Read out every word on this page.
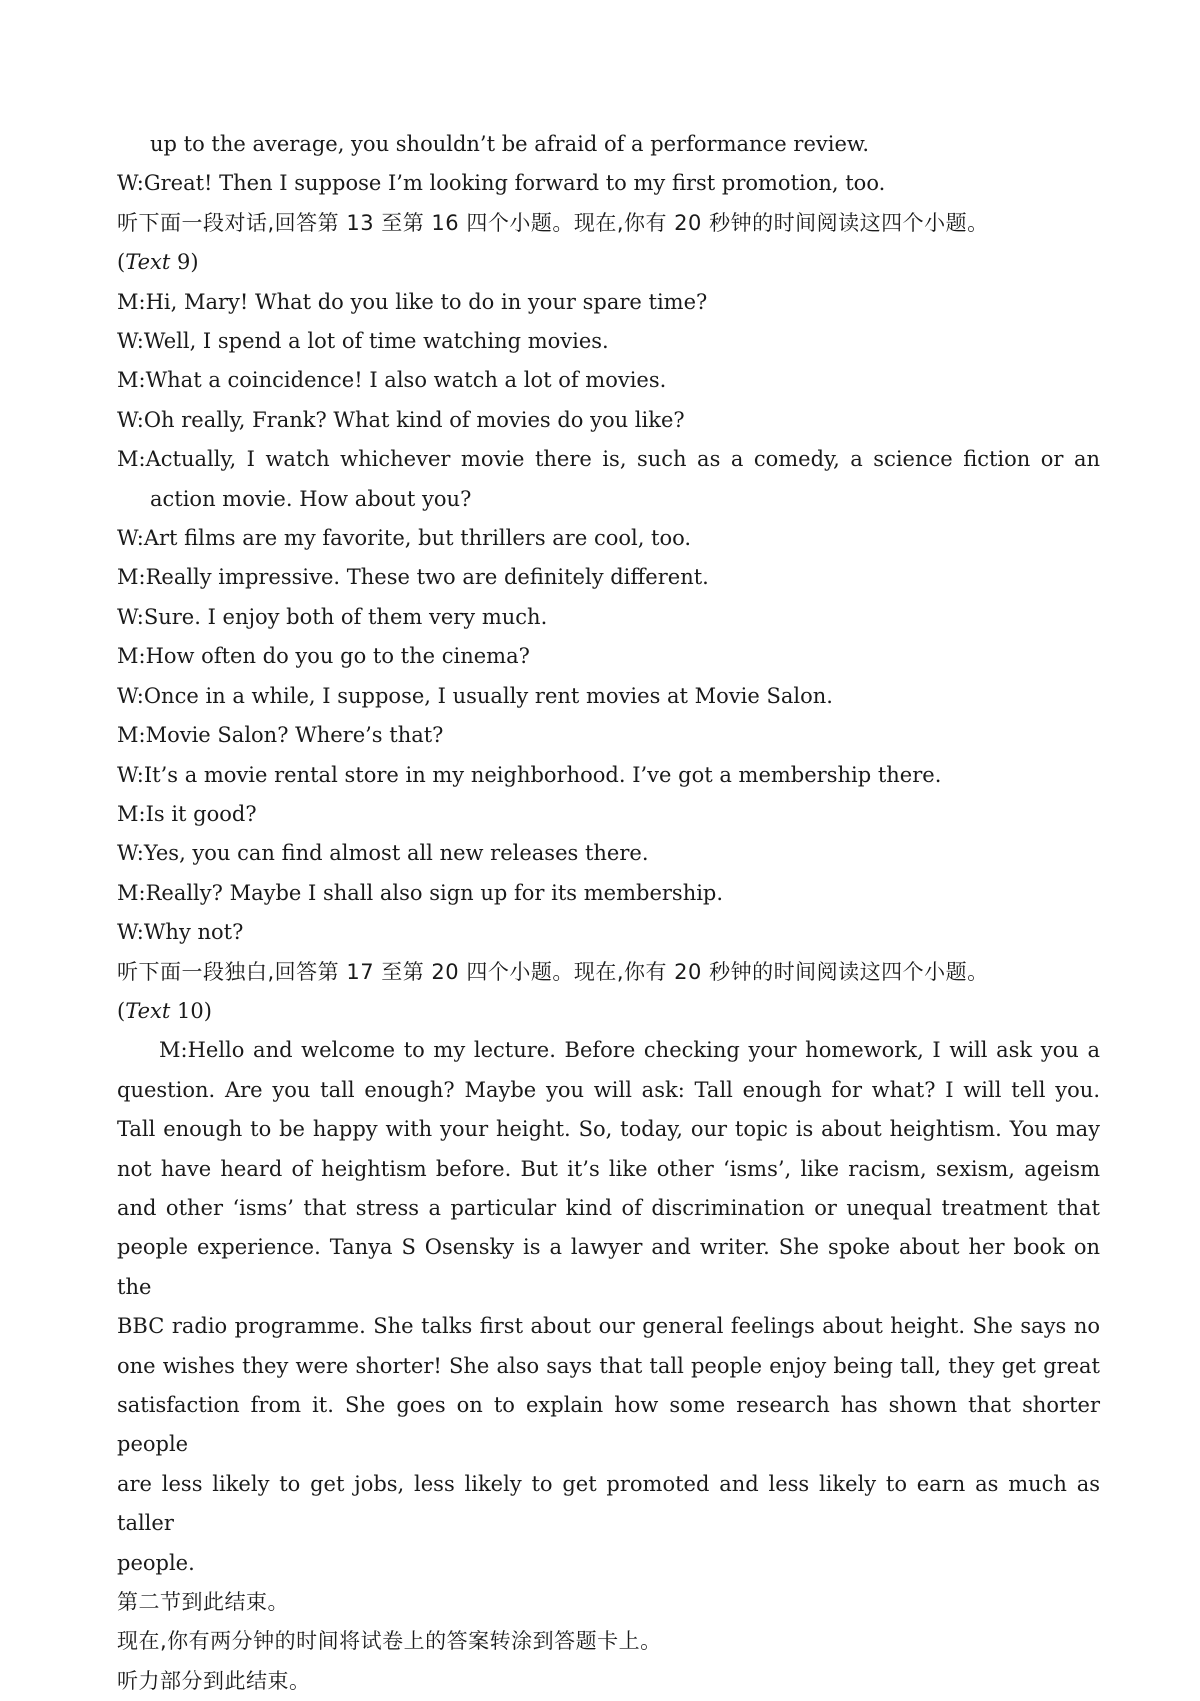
up to the average, you shouldn’t be afraid of a performance review.
W:Great! Then I suppose I’m looking forward to my first promotion, too.
听下面一段对话,回答第 13 至第 16 四个小题。现在,你有 20 秒钟的时间阅读这四个小题。
(Text 9)
M:Hi, Mary! What do you like to do in your spare time?
W:Well, I spend a lot of time watching movies.
M:What a coincidence! I also watch a lot of movies.
W:Oh really, Frank? What kind of movies do you like?
M:Actually, I watch whichever movie there is, such as a comedy, a science fiction or an
action movie. How about you?
W:Art films are my favorite, but thrillers are cool, too.
M:Really impressive. These two are definitely different.
W:Sure. I enjoy both of them very much.
M:How often do you go to the cinema?
W:Once in a while, I suppose, I usually rent movies at Movie Salon.
M:Movie Salon? Where’s that?
W:It’s a movie rental store in my neighborhood. I’ve got a membership there.
M:Is it good?
W:Yes, you can find almost all new releases there.
M:Really? Maybe I shall also sign up for its membership.
W:Why not?
听下面一段独白,回答第 17 至第 20 四个小题。现在,你有 20 秒钟的时间阅读这四个小题。
(Text 10)
M:Hello and welcome to my lecture. Before checking your homework, I will ask you a
question. Are you tall enough? Maybe you will ask: Tall enough for what? I will tell you.
Tall enough to be happy with your height. So, today, our topic is about heightism. You may
not have heard of heightism before. But it’s like other ‘isms’, like racism, sexism, ageism
and other ‘isms’ that stress a particular kind of discrimination or unequal treatment that
people experience. Tanya S Osensky is a lawyer and writer. She spoke about her book on the
BBC radio programme. She talks first about our general feelings about height. She says no
one wishes they were shorter! She also says that tall people enjoy being tall, they get great
satisfaction from it. She goes on to explain how some research has shown that shorter people
are less likely to get jobs, less likely to get promoted and less likely to earn as much as taller
people.
第二节到此结束。
现在,你有两分钟的时间将试卷上的答案转涂到答题卡上。
听力部分到此结束。
